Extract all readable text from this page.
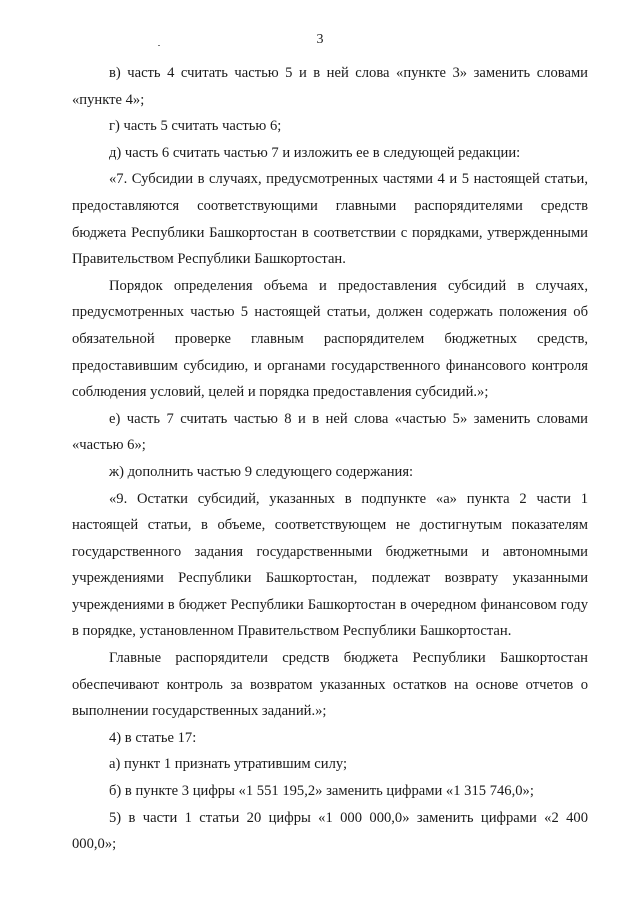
3

в) часть 4 считать частью 5 и в ней слова «пункте 3» заменить словами «пункте 4»;

г) часть 5 считать частью 6;

д) часть 6 считать частью 7 и изложить ее в следующей редакции:

«7. Субсидии в случаях, предусмотренных частями 4 и 5 настоящей статьи, предоставляются соответствующими главными распорядителями средств бюджета Республики Башкортостан в соответствии с порядками, утвержденными Правительством Республики Башкортостан.

Порядок определения объема и предоставления субсидий в случаях, предусмотренных частью 5 настоящей статьи, должен содержать положения об обязательной проверке главным распорядителем бюджетных средств, предоставившим субсидию, и органами государственного финансового контроля соблюдения условий, целей и порядка предоставления субсидий.»;

е) часть 7 считать частью 8 и в ней слова «частью 5» заменить словами «частью 6»;

ж) дополнить частью 9 следующего содержания:

«9. Остатки субсидий, указанных в подпункте «а» пункта 2 части 1 настоящей статьи, в объеме, соответствующем не достигнутым показателям государственного задания государственными бюджетными и автономными учреждениями Республики Башкортостан, подлежат возврату указанными учреждениями в бюджет Республики Башкортостан в очередном финансовом году в порядке, установленном Правительством Республики Башкортостан.

Главные распорядители средств бюджета Республики Башкортостан обеспечивают контроль за возвратом указанных остатков на основе отчетов о выполнении государственных заданий.»;

4) в статье 17:

а) пункт 1 признать утратившим силу;

б) в пункте 3 цифры «1 551 195,2» заменить цифрами «1 315 746,0»;

5) в части 1 статьи 20 цифры «1 000 000,0» заменить цифрами «2 400 000,0»;
